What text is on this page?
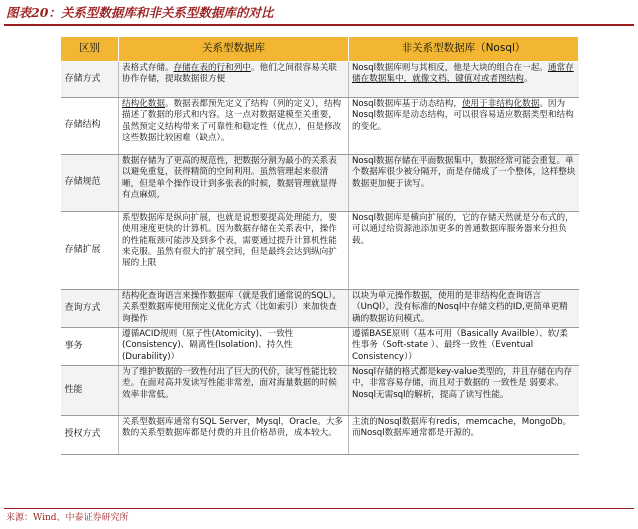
图表20：关系型数据库和非关系型数据库的对比
区别	关系型数据库	非关系型数据库（Nosql）
存储方式	表格式存储。存储在表的行和列中。他们之间很容易关联协作存储，提取数据很方便	Nosql数据库则与其相反，他是大块的组合在一起。通常存储在数据集中，就像文档、键值对或者图结构。
存储结构	结构化数据。数据表都预先定义了结构（列的定义），结构描述了数据的形式和内容。这一点对数据建模至关重要，虽然预定义结构带来了可靠性和稳定性（优点），但是修改这些数据比较困难（缺点）。	Nosql数据库基于动态结构，使用于非结构化数据。因为Nosql数据库是动态结构，可以很容易适应数据类型和结构的变化。
存储规范	数据存储为了更高的规范性，把数据分割为最小的关系表以避免重复，获得精简的空间利用。虽然管理起来很清晰，但是单个操作设计到多张表的时候，数据管理就显得有点麻烦。	Nosql数据存储在平面数据集中，数据经常可能会重复。单个数据库很少被分隔开，而是存储成了一个整体，这样整块数据更加便于读写。
存储扩展	系型数据库是纵向扩展，也就是说想要提高处理能力，要使用速度更快的计算机。因为数据存储在关系表中，操作的性能瓶颈可能涉及到多个表，需要通过提升计算机性能来克服。虽然有很大的扩展空间，但是最终会达到纵向扩展的上限	Nosql数据库是横向扩展的，它的存储天然就是分布式的，可以通过给资源池添加更多的普通数据库服务器来分担负载。
查询方式	结构化查询语言来操作数据库（就是我们通常说的SQL）。关系型数据库使用预定义优化方式（比如索引）来加快查询操作	以块为单元操作数据，使用的是非结构化查询语言（UnQl），没有标准的Nosql中存储文档的ID,更简单更精确的数据访问模式。
事务	遵循ACID规则（原子性(Atomicity)、一致性(Consistency)、隔离性(Isolation)、持久性(Durability)）	遵循BASE原则（基本可用（Basically Availble）、软/柔性事务（Soft-state ）、最终一致性（Eventual Consistency））
性能	为了维护数据的一致性付出了巨大的代价，读写性能比较差。在面对高并发读写性能非常差，面对海量数据的时候效率非常低。	Nosql存储的格式都是key-value类型的，并且存储在内存中，非常容易存储，而且对于数据的 一致性是 弱要求。Nosql无需sql的解析，提高了读写性能。
授权方式	关系型数据库通常有SQL Server，Mysql，Oracle。大多数的关系型数据库都是付费的并且价格昂贵，成本较大。	主流的Nosql数据库有redis，memcache，MongoDb。而Nosql数据库通常都是开源的。
来源：Wind、中泰证券研究所
